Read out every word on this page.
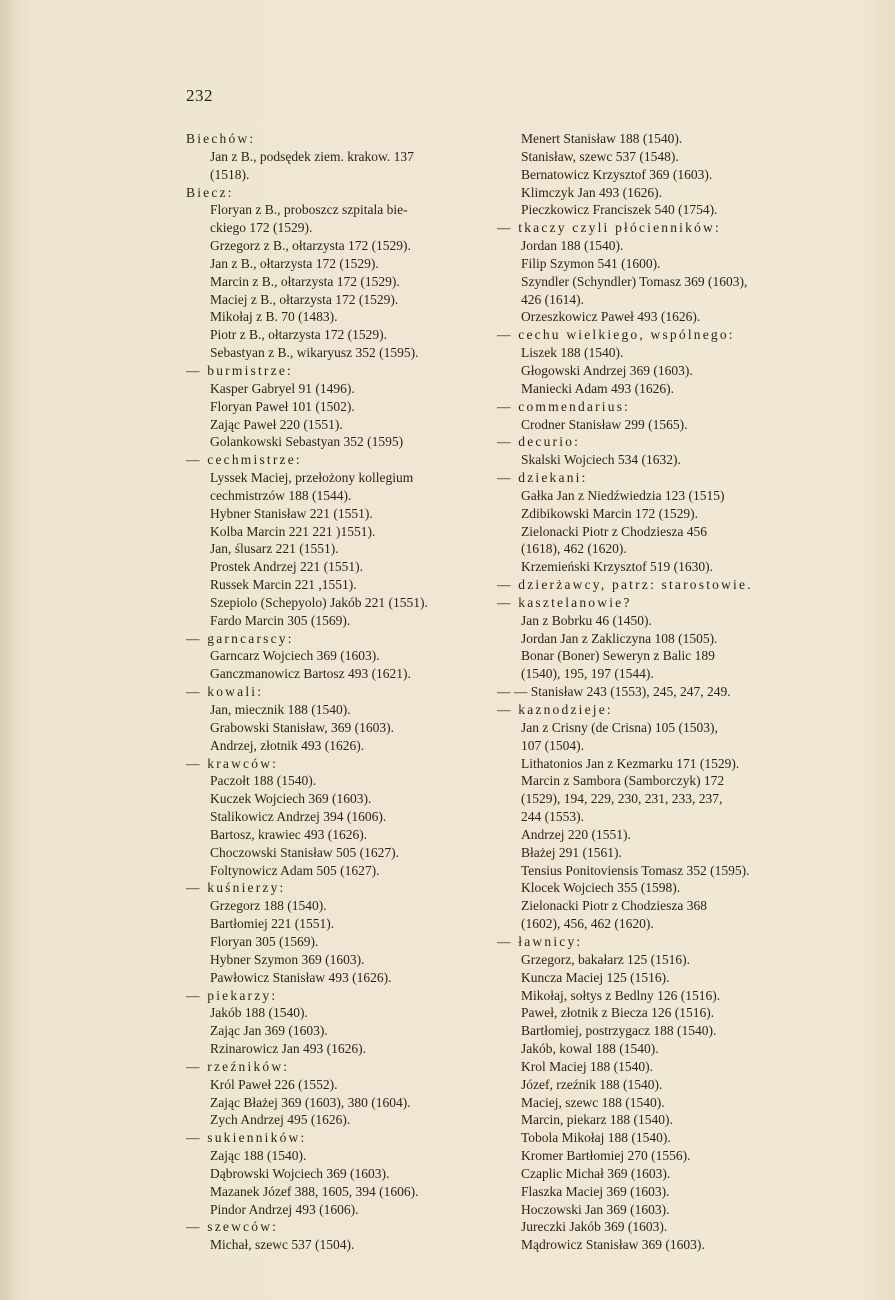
232
Biechów:
Jan z B., podsędek ziem. krakow. 137
(1518).
Biecz:
Floryan z B., proboszcz szpitala bie-
ckiego 172 (1529).
Grzegorz z B., ołtarzysta 172 (1529).
Jan z B., ołtarzysta 172 (1529).
Marcin z B., ołtarzysta 172 (1529).
Maciej z B., ołtarzysta 172 (1529).
Mikołaj z B. 70 (1483).
Piotr z B., ołtarzysta 172 (1529).
Sebastyan z B., wikaryusz 352 (1595).
— burmistrze:
Kasper Gabryel 91 (1496).
Floryan Paweł 101 (1502).
Zając Paweł 220 (1551).
Golankowski Sebastyan 352 (1595)
— cechmistrze:
Lyssek Maciej, przełożony kollegium
cechmistrzów 188 (1544).
Hybner Stanisław 221 (1551).
Kolba Marcin 221 221 )1551).
Jan, ślusarz 221 (1551).
Prostek Andrzej 221 (1551).
Russek Marcin 221 ,1551).
Szepiolo (Schepyolo) Jakób 221 (1551).
Fardo Marcin 305 (1569).
— garncarscy:
Garncarz Wojciech 369 (1603).
Ganczmanowicz Bartosz 493 (1621).
— kowali:
Jan, miecznik 188 (1540).
Grabowski Stanisław, 369 (1603).
Andrzej, złotnik 493 (1626).
— krawców:
Paczołt 188 (1540).
Kuczek Wojciech 369 (1603).
Stalikowicz Andrzej 394 (1606).
Bartosz, krawiec 493 (1626).
Choczowski Stanisław 505 (1627).
Foltynowicz Adam 505 (1627).
— kuśnierzy:
Grzegorz 188 (1540).
Bartłomiej 221 (1551).
Floryan 305 (1569).
Hybner Szymon 369 (1603).
Pawłowicz Stanisław 493 (1626).
— piekarzy:
Jakób 188 (1540).
Zając Jan 369 (1603).
Rzinarowicz Jan 493 (1626).
— rzeźników:
Król Paweł 226 (1552).
Zając Błażej 369 (1603), 380 (1604).
Zych Andrzej 495 (1626).
— sukienników:
Zając 188 (1540).
Dąbrowski Wojciech 369 (1603).
Mazanek Józef 388, 1605, 394 (1606).
Pindor Andrzej 493 (1606).
— szewców:
Michał, szewc 537 (1504).
Menert Stanisław 188 (1540).
Stanisław, szewc 537 (1548).
Bernatowicz Krzysztof 369 (1603).
Klimczyk Jan 493 (1626).
Pieczkowicz Franciszek 540 (1754).
— tkaczy czyli płócienników:
Jordan 188 (1540).
Filip Szymon 541 (1600).
Szyndler (Schyndler) Tomasz 369 (1603),
426 (1614).
Orzeszkowicz Paweł 493 (1626).
— cechu wielkiego, wspólnego:
Liszek 188 (1540).
Głogowski Andrzej 369 (1603).
Maniecki Adam 493 (1626).
— commendarius:
Crodner Stanisław 299 (1565).
— decurio:
Skalski Wojciech 534 (1632).
— dziekani:
Gałka Jan z Niedźwiedzia 123 (1515)
Zdibikowski Marcin 172 (1529).
Zielonacki Piotr z Chodziesza 456
(1618), 462 (1620).
Krzemieński Krzysztof 519 (1630).
— dzierżawcy, patrz: starostowie.
— kasztelanowie?
Jan z Bobrku 46 (1450).
Jordan Jan z Zakliczyna 108 (1505).
Bonar (Boner) Seweryn z Balic 189
(1540), 195, 197 (1544).
— — Stanisław 243 (1553), 245, 247, 249.
— kaznodzieje:
Jan z Crisny (de Crisna) 105 (1503),
107 (1504).
Lithatonios Jan z Kezmarku 171 (1529).
Marcin z Sambora (Samborczyk) 172
(1529), 194, 229, 230, 231, 233, 237,
244 (1553).
Andrzej 220 (1551).
Błażej 291 (1561).
Tensius Ponitoviensis Tomasz 352 (1595).
Klocek Wojciech 355 (1598).
Zielonacki Piotr z Chodziesza 368
(1602), 456, 462 (1620).
— ławnicy:
Grzegorz, bakałarz 125 (1516).
Kuncza Maciej 125 (1516).
Mikołaj, sołtys z Bedlny 126 (1516).
Paweł, złotnik z Biecza 126 (1516).
Bartłomiej, postrzygacz 188 (1540).
Jakób, kowal 188 (1540).
Krol Maciej 188 (1540).
Józef, rzeźnik 188 (1540).
Maciej, szewc 188 (1540).
Marcin, piekarz 188 (1540).
Tobola Mikołaj 188 (1540).
Kromer Bartłomiej 270 (1556).
Czaplic Michał 369 (1603).
Flaszka Maciej 369 (1603).
Hoczowski Jan 369 (1603).
Jureczki Jakób 369 (1603).
Mądrowicz Stanisław 369 (1603).
